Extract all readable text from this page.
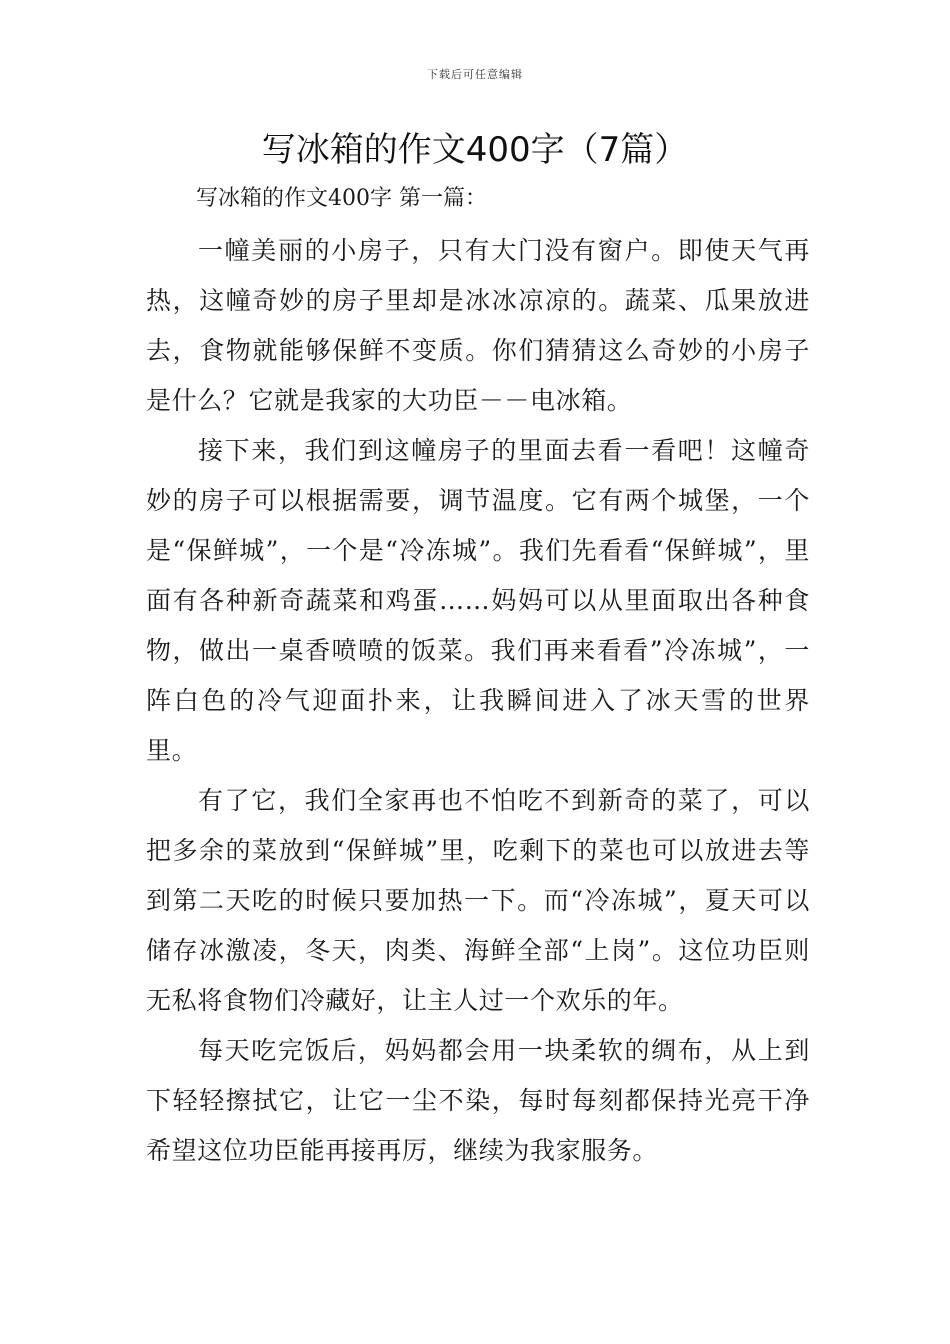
下载后可任意编辑
写冰箱的作文400字（7篇）

写冰箱的作文400字 第一篇：

一幢美丽的小房子，只有大门没有窗户。即使天气再热，这幢奇妙的房子里却是冰冰凉凉的。蔬菜、瓜果放进去，食物就能够保鲜不变质。你们猜猜这么奇妙的小房子是什么？它就是我家的大功臣－－电冰箱。

接下来，我们到这幢房子的里面去看一看吧！这幢奇妙的房子可以根据需要，调节温度。它有两个城堡，一个是“保鲜城”，一个是“冷冻城”。我们先看看“保鲜城”，里面有各种新奇蔬菜和鸡蛋……妈妈可以从里面取出各种食物，做出一桌香喷喷的饭菜。我们再来看看”冷冻城”，一阵白色的冷气迎面扑来，让我瞬间进入了冰天雪的世界里。

有了它，我们全家再也不怕吃不到新奇的菜了，可以把多余的菜放到“保鲜城”里，吃剩下的菜也可以放进去等到第二天吃的时候只要加热一下。而“冷冻城”，夏天可以储存冰激凌，冬天，肉类、海鲜全部“上岗”。这位功臣则无私将食物们冷藏好，让主人过一个欢乐的年。

每天吃完饭后，妈妈都会用一块柔软的绸布，从上到下轻轻擦拭它，让它一尘不染，每时每刻都保持光亮干净希望这位功臣能再接再厉，继续为我家服务。
